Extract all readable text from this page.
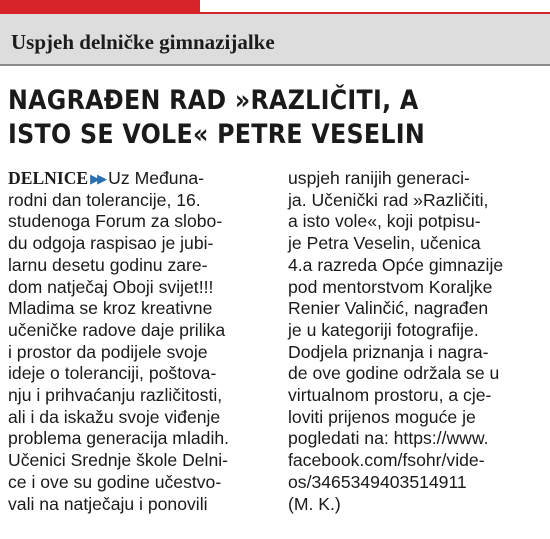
Uspjeh delničke gimnazijalke
NAGRAĐEN RAD »RAZLIČITI, A
ISTO SE VOLE« PETRE VESELIN
DELNICE ▶▶ Uz Međuna-
rodni dan tolerancije, 16.
studenoga Forum za slobo-
du odgoja raspisao je jubi-
larnu desetu godinu zare-
dom natječaj Oboji svijet!!!
Mladima se kroz kreativne
učeničke radove daje prilika
i prostor da podijele svoje
ideje o toleranciji, poštova-
nju i prihvaćanju različitosti,
ali i da iskažu svoje viđenje
problema generacija mladih.
Učenici Srednje škole Delni-
ce i ove su godine učestvo-
vali na natječaju i ponovili
uspjeh ranijih generaci-
ja. Učenički rad »Različiti,
a isto vole«, koji potpisu-
je Petra Veselin, učenica
4.a razreda Opće gimnazije
pod mentorstvom Koraljke
Renier Valinčić, nagrađen
je u kategoriji fotografije.
Dodjela priznanja i nagra-
de ove godine održala se u
virtualnom prostoru, a cje-
loviti prijenos moguće je
pogledati na: https://www.
facebook.com/fsohr/vide-
os/3465349403514911
(M. K.)
